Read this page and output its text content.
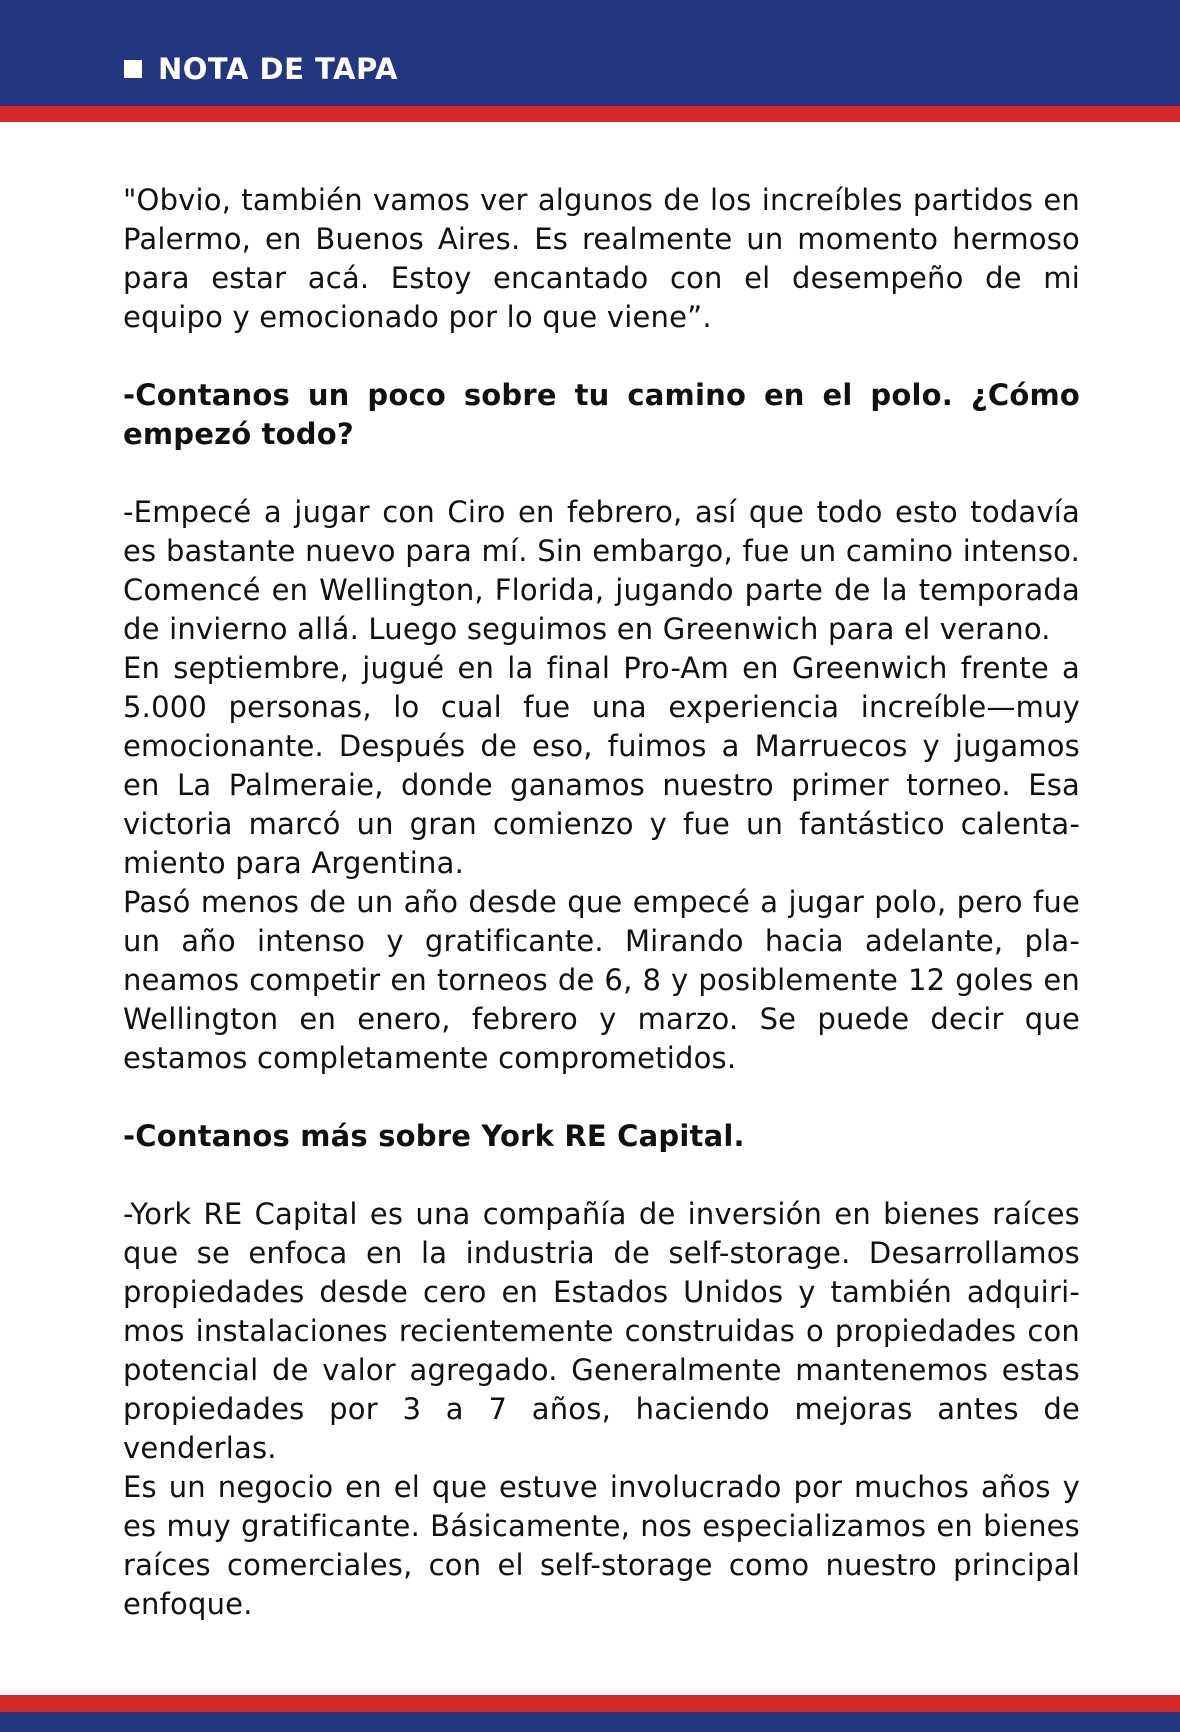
NOTA DE TAPA

"Obvio, también vamos ver algunos de los increíbles partidos en Palermo, en Buenos Aires. Es realmente un momento hermoso para estar acá. Estoy encantado con el desempeño de mi equipo y emocionado por lo que viene”.

-Contanos un poco sobre tu camino en el polo. ¿Cómo empezó todo?

-Empecé a jugar con Ciro en febrero, así que todo esto todavía es bastante nuevo para mí. Sin embargo, fue un camino intenso. Comencé en Wellington, Florida, jugando parte de la temporada de invierno allá. Luego seguimos en Greenwich para el verano.

En septiembre, jugué en la final Pro-Am en Greenwich frente a 5.000 personas, lo cual fue una experiencia increíble—muy emocionante. Después de eso, fuimos a Marruecos y jugamos en La Palmeraie, donde ganamos nuestro primer torneo. Esa victoria marcó un gran comienzo y fue un fantástico calenta-miento para Argentina.

Pasó menos de un año desde que empecé a jugar polo, pero fue un año intenso y gratificante. Mirando hacia adelante, pla-neamos competir en torneos de 6, 8 y posiblemente 12 goles en Wellington en enero, febrero y marzo. Se puede decir que estamos completamente comprometidos.

-Contanos más sobre York RE Capital.

-York RE Capital es una compañía de inversión en bienes raíces que se enfoca en la industria de self-storage. Desarrollamos propiedades desde cero en Estados Unidos y también adquiri-mos instalaciones recientemente construidas o propiedades con potencial de valor agregado. Generalmente mantenemos estas propiedades por 3 a 7 años, haciendo mejoras antes de venderlas.

Es un negocio en el que estuve involucrado por muchos años y es muy gratificante. Básicamente, nos especializamos en bienes raíces comerciales, con el self-storage como nuestro principal enfoque.
